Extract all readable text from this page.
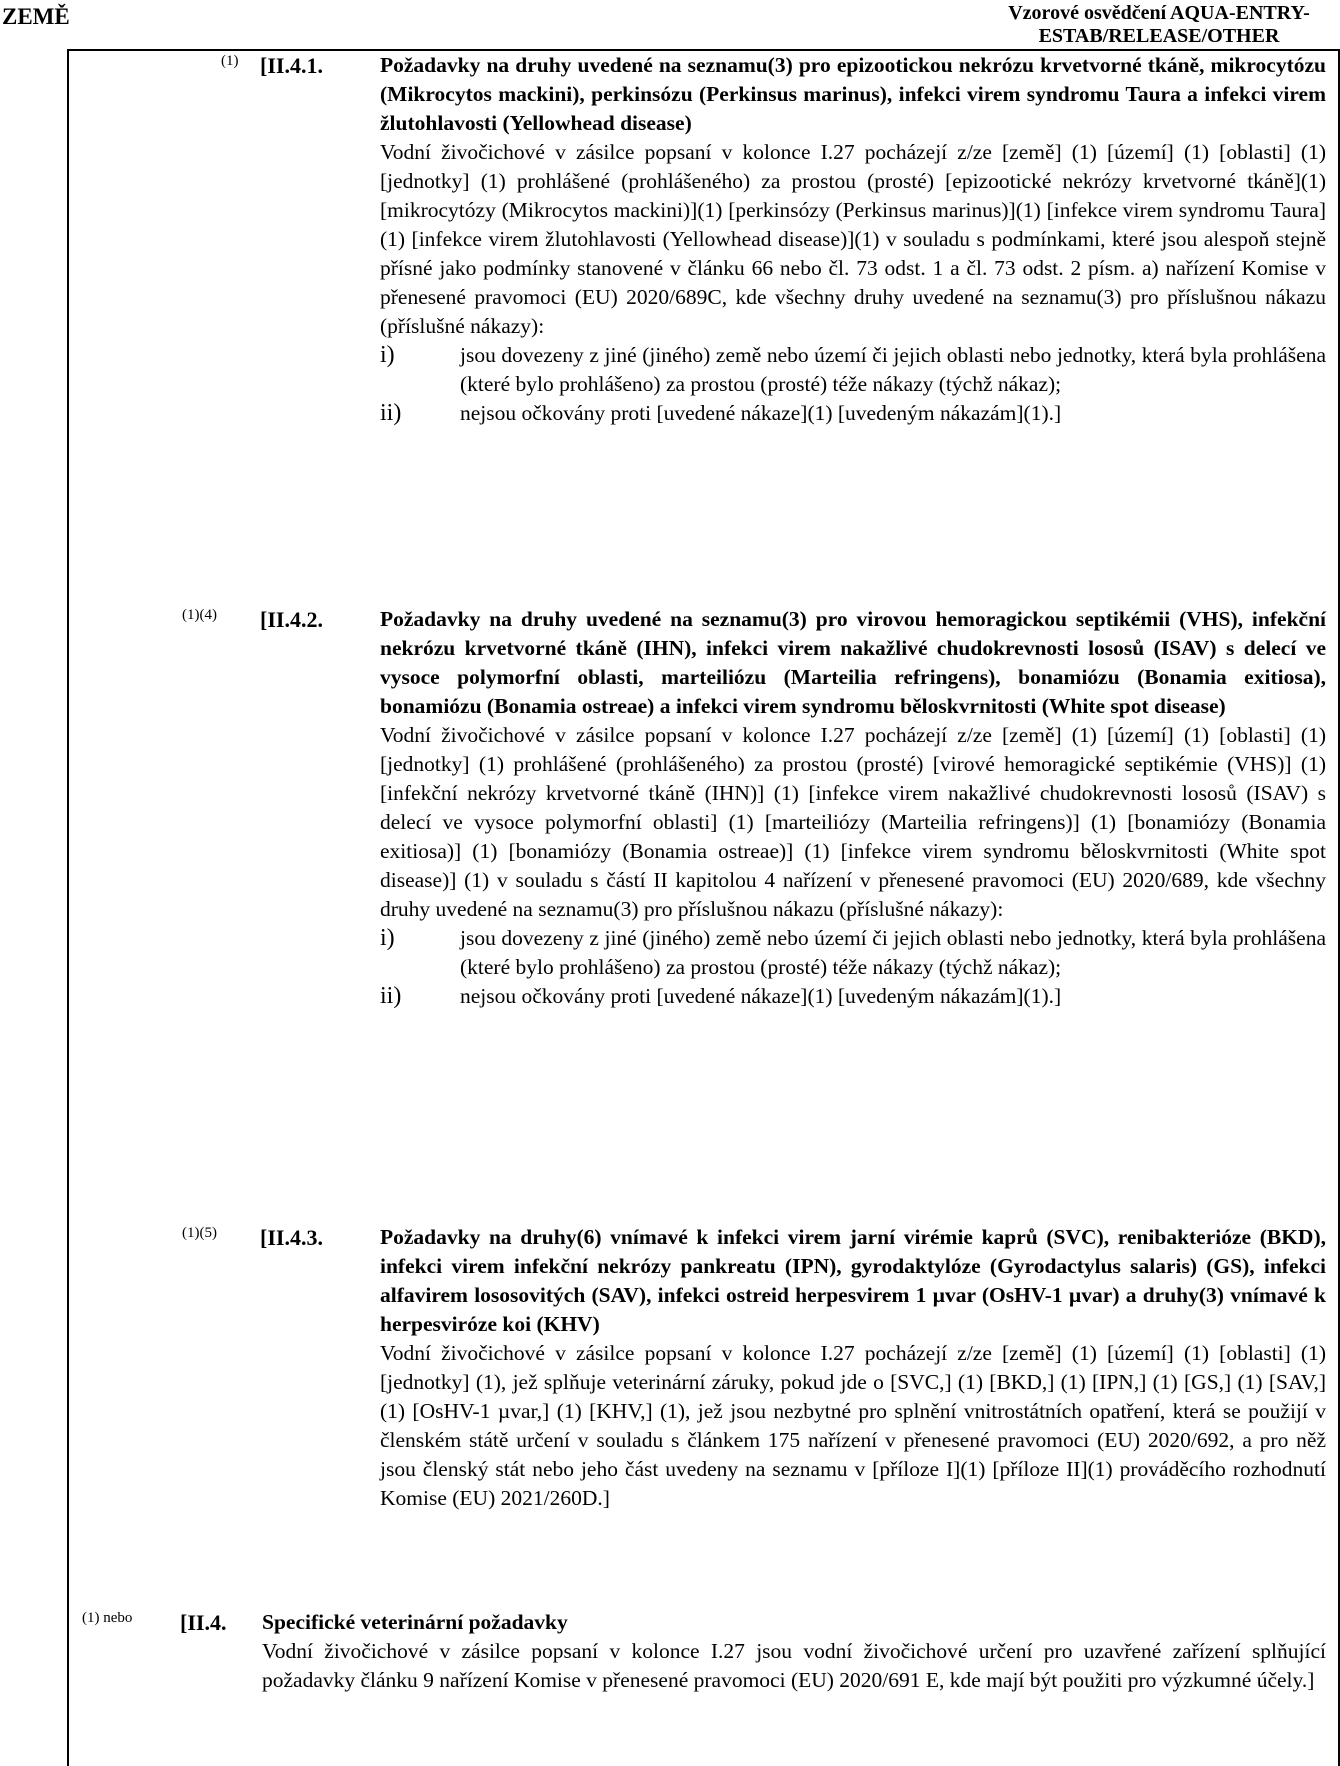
ZEMĚ	Vzorové osvědčení AQUA-ENTRY-ESTAB/RELEASE/OTHER
(1) [II.4.1.	Požadavky na druhy uvedené na seznamu(3) pro epizootickou nekrózu krvetvorné tkáně, mikrocytózu (Mikrocytos mackini), perkinsózu (Perkinsus marinus), infekci virem syndromu Taura a infekci virem žlutohlavosti (Yellowhead disease)
Vodní živočichové v zásilce popsaní v kolonce I.27 pocházejí z/ze [země] (1) [území] (1) [oblasti] (1) [jednotky] (1) prohlášené (prohlášeného) za prostou (prosté) [epizootické nekrózy krvetvorné tkáně](1) [mikrocytózy (Mikrocytos mackini)](1) [perkinsózy (Perkinsus marinus)](1) [infekce virem syndromu Taura](1) [infekce virem žlutohlavosti (Yellowhead disease)](1) v souladu s podmínkami, které jsou alespoň stejně přísné jako podmínky stanovené v článku 66 nebo čl. 73 odst. 1 a čl. 73 odst. 2 písm. a) nařízení Komise v přenesené pravomoci (EU) 2020/689C, kde všechny druhy uvedené na seznamu(3) pro příslušnou nákazu (příslušné nákazy):
i)	jsou dovezeny z jiné (jiného) země nebo území či jejich oblasti nebo jednotky, která byla prohlášena (které bylo prohlášeno) za prostou (prosté) téže nákazy (týchž nákaz);
ii)	nejsou očkovány proti [uvedené nákaze](1) [uvedeným nákazám](1).]
(1)(4) [II.4.2.	Požadavky na druhy uvedené na seznamu(3) pro virovou hemoragickou septikémii (VHS), infekční nekrózu krvetvorné tkáně (IHN), infekci virem nakažlivé chudokrevnosti lososů (ISAV) s delecí ve vysoce polymorfní oblasti, marteiliózu (Marteilia refringens), bonamiózu (Bonamia exitiosa), bonamiózu (Bonamia ostreae) a infekci virem syndromu běloskvrnitosti (White spot disease)
Vodní živočichové v zásilce popsaní v kolonce I.27 pocházejí z/ze [země] (1) [území] (1) [oblasti] (1) [jednotky] (1) prohlášené (prohlášeného) za prostou (prosté) [virové hemoragické septikémie (VHS)] (1) [infekční nekrózy krvetvorné tkáně (IHN)] (1) [infekce virem nakažlivé chudokrevnosti lososů (ISAV) s delecí ve vysoce polymorfní oblasti] (1) [marteiliózy (Marteilia refringens)] (1) [bonamiózy (Bonamia exitiosa)] (1) [bonamiózy (Bonamia ostreae)] (1) [infekce virem syndromu běloskvrnitosti (White spot disease)] (1) v souladu s částí II kapitolou 4 nařízení v přenesené pravomoci (EU) 2020/689, kde všechny druhy uvedené na seznamu(3) pro příslušnou nákazu (příslušné nákazy):
i)	jsou dovezeny z jiné (jiného) země nebo území či jejich oblasti nebo jednotky, která byla prohlášena (které bylo prohlášeno) za prostou (prosté) téže nákazy (týchž nákaz);
ii)	nejsou očkovány proti [uvedené nákaze](1) [uvedeným nákazám](1).]
(1)(5) [II.4.3.	Požadavky na druhy(6) vnímavé k infekci virem jarní virémie kaprů (SVC), renibakteriózе (BKD), infekci virem infekční nekrózy pankreatu (IPN), gyrodaktylóze (Gyrodactylus salaris) (GS), infekci alfavirem lososovitých (SAV), infekci ostreid herpesvirem 1 µvar (OsHV-1 µvar) a druhy(3) vnímavé k herpesviróze koi (KHV)
Vodní živočichové v zásilce popsaní v kolonce I.27 pocházejí z/ze [země] (1) [území] (1) [oblasti] (1) [jednotky] (1), jež splňuje veterinární záruky, pokud jde o [SVC,] (1) [BKD,] (1) [IPN,] (1) [GS,] (1) [SAV,] (1) [OsHV-1 µvar,] (1) [KHV,] (1), jež jsou nezbytné pro splnění vnitrostátních opatření, která se použijí v členském státě určení v souladu s článkem 175 nařízení v přenesené pravomoci (EU) 2020/692, a pro něž jsou členský stát nebo jeho část uvedeny na seznamu v [příloze I](1) [příloze II](1) prováděcího rozhodnutí Komise (EU) 2021/260D.]
(1) nebo [II.4. Specifické veterinární požadavky
Vodní živočichové v zásilce popsaní v kolonce I.27 jsou vodní živočichové určení pro uzavřené zařízení splňující požadavky článku 9 nařízení Komise v přenesené pravomoci (EU) 2020/691 E, kde mají být použiti pro výzkumné účely.]
